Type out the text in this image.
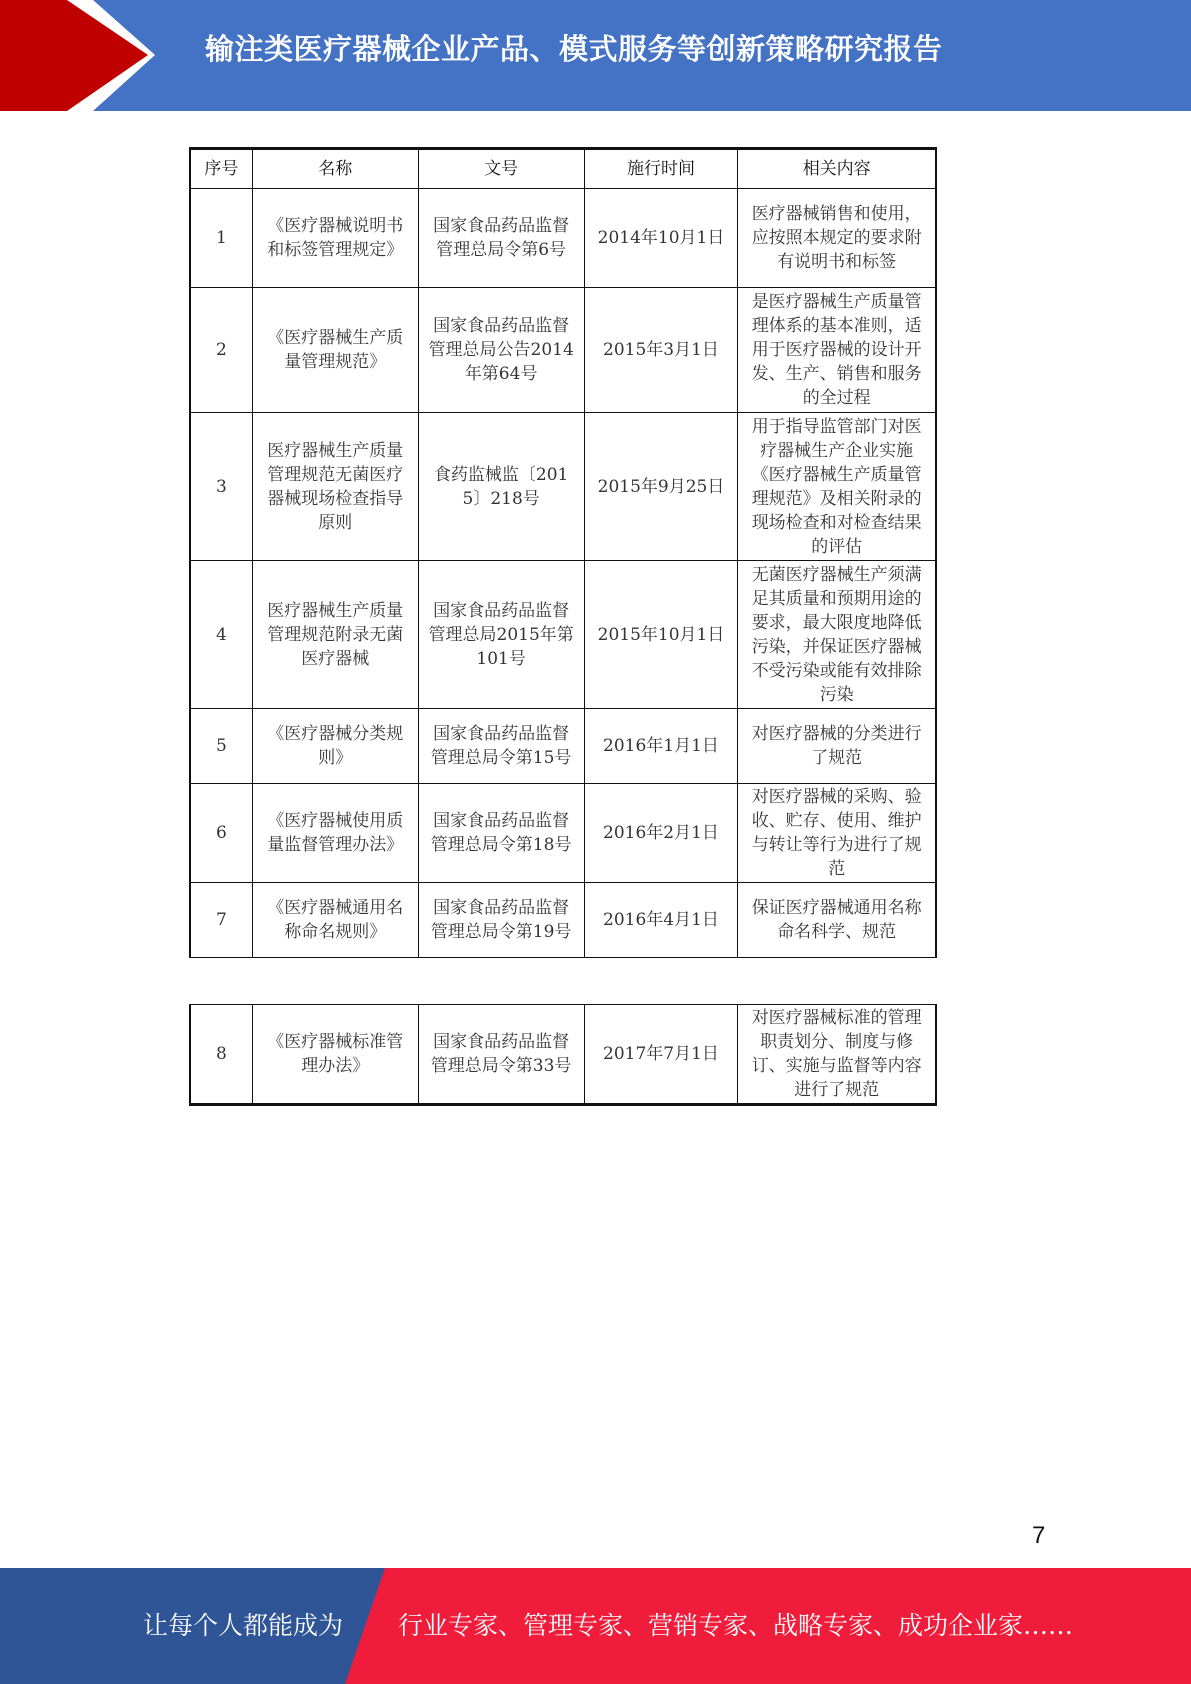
输注类医疗器械企业产品、模式服务等创新策略研究报告
序号	名称	文号	施行时间	相关内容
1	《医疗器械说明书和标签管理规定》	国家食品药品监督管理总局令第6号	2014年10月1日	医疗器械销售和使用，应按照本规定的要求附有说明书和标签
2	《医疗器械生产质量管理规范》	国家食品药品监督管理总局公告2014年第64号	2015年3月1日	是医疗器械生产质量管理体系的基本准则，适用于医疗器械的设计开发、生产、销售和服务的全过程
3	医疗器械生产质量管理规范无菌医疗器械现场检查指导原则	食药监械监〔2015〕218号	2015年9月25日	用于指导监管部门对医疗器械生产企业实施《医疗器械生产质量管理规范》及相关附录的现场检查和对检查结果的评估
4	医疗器械生产质量管理规范附录无菌医疗器械	国家食品药品监督管理总局2015年第101号	2015年10月1日	无菌医疗器械生产须满足其质量和预期用途的要求，最大限度地降低污染，并保证医疗器械不受污染或能有效排除污染
5	《医疗器械分类规则》	国家食品药品监督管理总局令第15号	2016年1月1日	对医疗器械的分类进行了规范
6	《医疗器械使用质量监督管理办法》	国家食品药品监督管理总局令第18号	2016年2月1日	对医疗器械的采购、验收、贮存、使用、维护与转让等行为进行了规范
7	《医疗器械通用名称命名规则》	国家食品药品监督管理总局令第19号	2016年4月1日	保证医疗器械通用名称命名科学、规范
8	《医疗器械标准管理办法》	国家食品药品监督管理总局令第33号	2017年7月1日	对医疗器械标准的管理职责划分、制度与修订、实施与监督等内容进行了规范
7
让每个人都能成为 行业专家、管理专家、营销专家、战略专家、成功企业家……
